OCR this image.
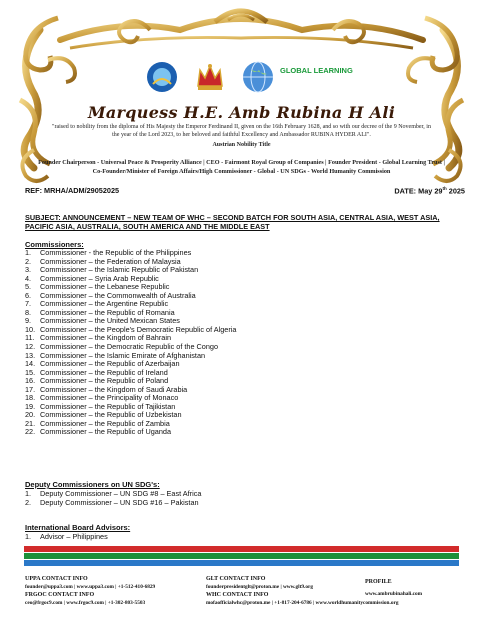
GLOBAL LEARNING
Marquess H.E. Amb Rubina H Ali
"raised to nobility from the diploma of His Majesty the Emperor Ferdinand II, given on the 16th February 1628, and so with our decree of the 9 November, in the year of the Lord 2023, to her beloved and faithful Excellency and Ambassador RUBINA HYDER ALI".
Austrian Nobility Title
Founder Chairperson - Universal Peace & Prosperity Alliance | CEO - Fairmont Royal Group of Companies | Founder President - Global Learning Trust | Co-Founder/Minister of Foreign Affairs/High Commissioner - Global - UN SDGs - World Humanity Commission
REF: MRHA/ADM/29052025	DATE: May 29th 2025
SUBJECT: ANNOUNCEMENT – NEW TEAM OF WHC – SECOND BATCH FOR SOUTH ASIA, CENTRAL ASIA, WEST ASIA, PACIFIC ASIA, AUSTRALIA, SOUTH AMERICA AND THE MIDDLE EAST
Commissioners:
1. Commissioner - the Republic of the Philippines
2. Commissioner – the Federation of Malaysia
3. Commissioner – the Islamic Republic of Pakistan
4. Commissioner – Syria Arab Republic
5. Commissioner – the Lebanese Republic
6. Commissioner – the Commonwealth of Australia
7. Commissioner – the Argentine Republic
8. Commissioner – the Republic of Romania
9. Commissioner – the United Mexican States
10. Commissioner – the People's Democratic Republic of Algeria
11. Commissioner – the Kingdom of Bahrain
12. Commissioner – the Democratic Republic of the Congo
13. Commissioner – the Islamic Emirate of Afghanistan
14. Commissioner – the Republic of Azerbaijan
15. Commissioner – the Republic of Ireland
16. Commissioner – the Republic of Poland
17. Commissioner – the Kingdom of Saudi Arabia
18. Commissioner – the Principality of Monaco
19. Commissioner – the Republic of Tajikistan
20. Commissioner – the Republic of Uzbekistan
21. Commissioner – the Republic of Zambia
22. Commissioner – the Republic of Uganda
Deputy Commissioners on UN SDG's:
1. Deputy Commissioner – UN SDG #8 – East Africa
2. Deputy Commissioner – UN SDG #16 – Pakistan
International Board Advisors:
1. Advisor – Philippines
UPPA CONTACT INFO
founder@uppa3.com | www.uppa3.com | +1-512-410-6829
FRGOC CONTACT INFO
ceo@frgoc9.com | www.frgoc9.com | +1-302-803-5503
GLT CONTACT INFO
founderpresidentglt@proton.me | www.glt9.org
WHC CONTACT INFO
mofaofficialwhc@proton.me | +1-817-204-6786 | www.worldhumanitycommission.org
PROFILE
www.ambrubinahali.com
